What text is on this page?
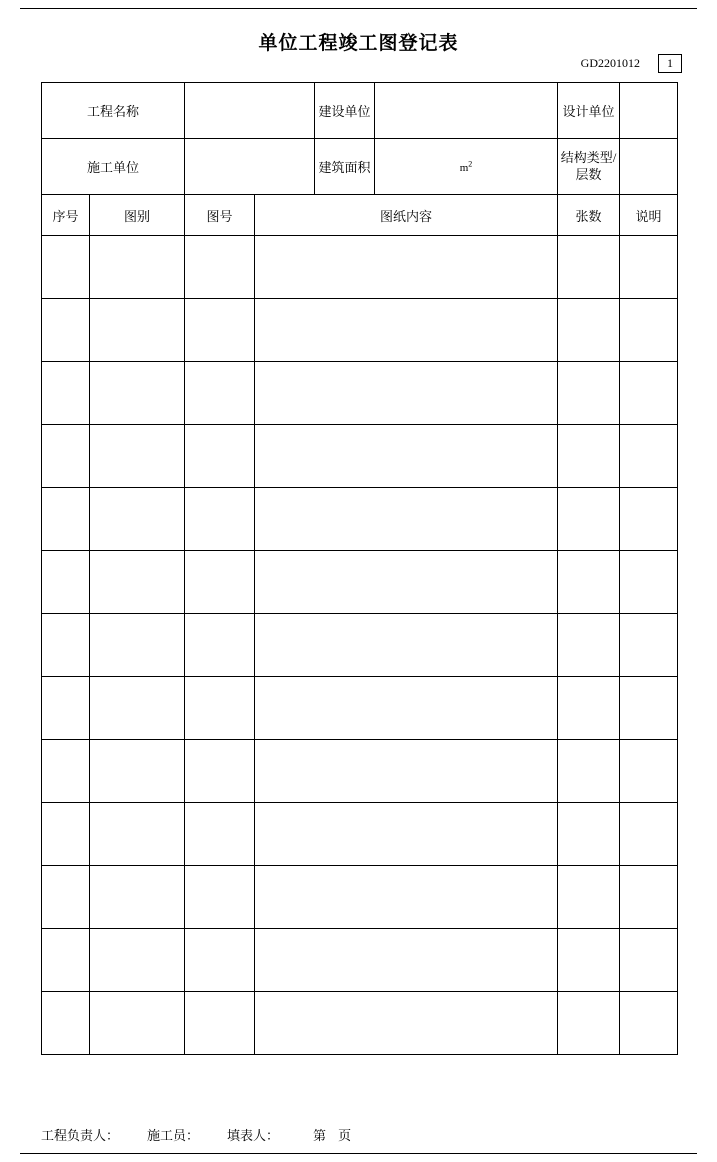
单位工程竣工图登记表
GD2201012	1
工程名称				建设单位		设计单位	
施工单位				建筑面积	$m^2$	结构类型/
层数	

序号	图别	图号	图纸内容			张数	说明

工程负责人： 施工员： 填表人：	第 页
